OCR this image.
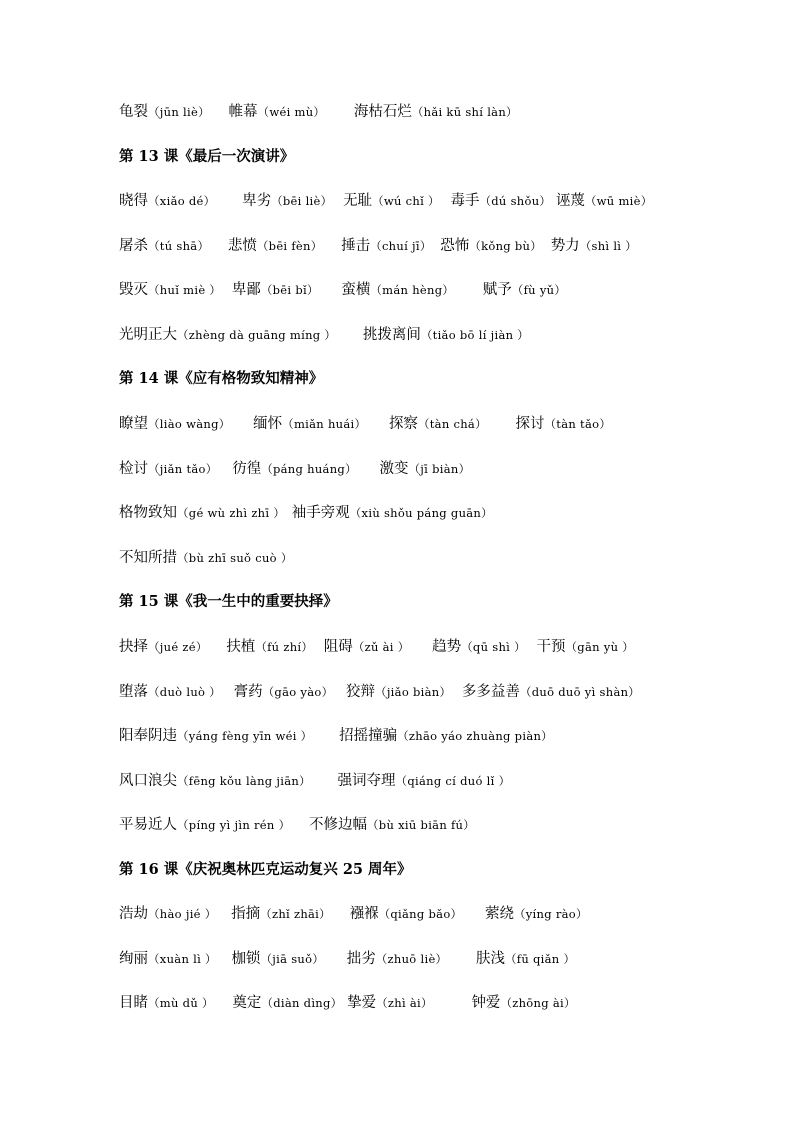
龟裂（jūn liè） 帷幕（wéi mù） 海枯石烂（hǎi kū shí làn）
第 13 课《最后一次演讲》
晓得（xiǎo dé） 卑劣（bēi liè） 无耻（wú chǐ ） 毒手（dú shǒu） 诬蔑（wū miè）
屠杀（tú shā） 悲愤（bēi fèn） 捶击（chuí jī） 恐怖（kǒng bù） 势力（shì lì ）
毁灭（huǐ miè ） 卑鄙（bēi bǐ） 蛮横（mán hèng） 赋予（fù yǔ）
光明正大（zhèng dà guāng míng ） 挑拨离间（tiǎo bō lí jiàn ）
第 14 课《应有格物致知精神》
瞭望（liào wàng） 缅怀（miǎn huái） 探察（tàn chá） 探讨（tàn tǎo）
检讨（jiǎn tǎo） 彷徨（páng huáng） 激变（jī biàn）
格物致知（gé wù zhì zhī ） 袖手旁观（xiù shǒu páng guān）
不知所措（bù zhī suǒ cuò ）
第 15 课《我一生中的重要抉择》
抉择（jué zé） 扶植（fú zhí） 阻碍（zǔ ài ） 趋势（qū shì ） 干预（gān yù ）
堕落（duò luò ） 膏药（gāo yào） 狡辩（jiǎo biàn） 多多益善（duō duō yì shàn）
阳奉阴违（yáng fèng yīn wéi ） 招摇撞骗（zhāo yáo zhuàng piàn）
风口浪尖（fēng kǒu làng jiān） 强词夺理（qiáng cí duó lǐ ）
平易近人（píng yì jìn rén ） 不修边幅（bù xiū biān fú）
第 16 课《庆祝奥林匹克运动复兴 25 周年》
浩劫（hào jié ） 指摘（zhǐ zhāi） 襁褓（qiǎng bǎo） 萦绕（yíng rào）
绚丽（xuàn lì ） 枷锁（jiā suǒ） 拙劣（zhuō liè） 肤浅（fū qiǎn ）
目睹（mù dǔ ） 奠定（diàn dìng） 挚爱（zhì ài）	钟爱（zhōng ài）
